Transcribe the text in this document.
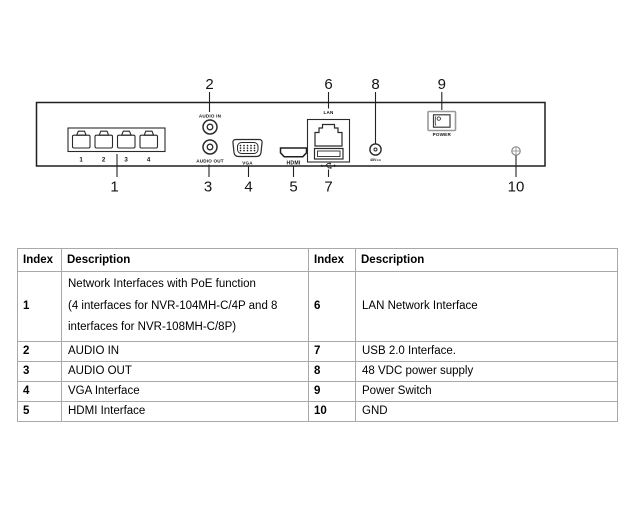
1	2	3	4
AUDIO IN
AUDIO OUT	VGA	HDMI
LAN
48V==
POWER
2	6	8	9
1	3 4 5 7	10
Index	Description	Index	Description
1	Network Interfaces with PoE function
(4 interfaces for NVR-104MH-C/4P and 8
interfaces for NVR-108MH-C/8P)	6	LAN Network Interface
2	AUDIO IN	7	USB 2.0 Interface.
3	AUDIO OUT	8	48 VDC power supply
4	VGA Interface	9	Power Switch
5	HDMI Interface	10	GND
